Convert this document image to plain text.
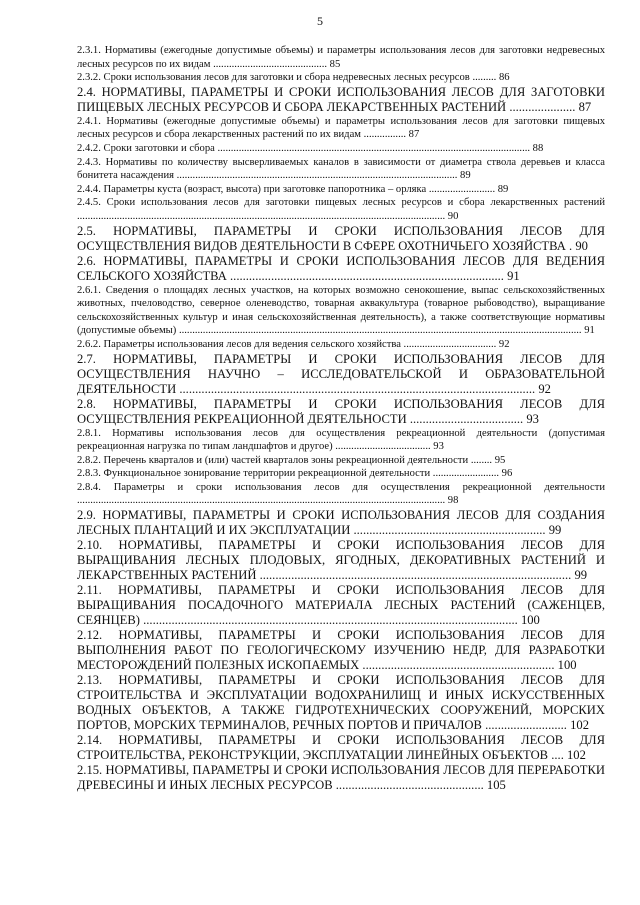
5
2.3.1. Нормативы (ежегодные допустимые объемы) и параметры использования лесов для заготовки недревесных лесных ресурсов по их видам ........................................... 85
2.3.2. Сроки использования лесов для заготовки и сбора недревесных лесных ресурсов ......... 86
2.4. НОРМАТИВЫ, ПАРАМЕТРЫ И СРОКИ ИСПОЛЬЗОВАНИЯ ЛЕСОВ ДЛЯ ЗАГОТОВКИ ПИЩЕВЫХ ЛЕСНЫХ РЕСУРСОВ И СБОРА ЛЕКАРСТВЕННЫХ РАСТЕНИЙ ..................... 87
2.4.1. Нормативы (ежегодные допустимые объемы) и параметры использования лесов для заготовки пищевых лесных ресурсов и сбора лекарственных растений по их видам ................ 87
2.4.2. Сроки заготовки и сбора ...................................................................................................................... 88
2.4.3. Нормативы по количеству высверливаемых каналов в зависимости от диаметра ствола деревьев и класса бонитета насаждения .......................................................................................................... 89
2.4.4. Параметры куста (возраст, высота) при заготовке папоротника – орляка ......................... 89
2.4.5. Сроки использования лесов для заготовки пищевых лесных ресурсов и сбора лекарственных растений ........................................................................................................................................... 90
2.5. НОРМАТИВЫ, ПАРАМЕТРЫ И СРОКИ ИСПОЛЬЗОВАНИЯ ЛЕСОВ ДЛЯ ОСУЩЕСТВЛЕНИЯ ВИДОВ ДЕЯТЕЛЬНОСТИ В СФЕРЕ ОХОТНИЧЬЕГО ХОЗЯЙСТВА . 90
2.6. НОРМАТИВЫ, ПАРАМЕТРЫ И СРОКИ ИСПОЛЬЗОВАНИЯ ЛЕСОВ ДЛЯ ВЕДЕНИЯ СЕЛЬСКОГО ХОЗЯЙСТВА ....................................................................................... 91
2.6.1. Сведения о площадях лесных участков, на которых возможно сенокошение, выпас сельскохозяйственных животных, пчеловодство, северное оленеводство, товарная аквакультура (товарное рыбоводство), выращивание сельскохозяйственных культур и иная сельскохозяйственная деятельность), а также соответствующие нормативы (допустимые объемы) ........................................................................................................................................................ 91
2.6.2. Параметры использования лесов для ведения сельского хозяйства ................................... 92
2.7. НОРМАТИВЫ, ПАРАМЕТРЫ И СРОКИ ИСПОЛЬЗОВАНИЯ ЛЕСОВ ДЛЯ ОСУЩЕСТВЛЕНИЯ НАУЧНО – ИССЛЕДОВАТЕЛЬСКОЙ И ОБРАЗОВАТЕЛЬНОЙ ДЕЯТЕЛЬНОСТИ ................................................................................................................. 92
2.8. НОРМАТИВЫ, ПАРАМЕТРЫ И СРОКИ ИСПОЛЬЗОВАНИЯ ЛЕСОВ ДЛЯ ОСУЩЕСТВЛЕНИЯ РЕКРЕАЦИОННОЙ ДЕЯТЕЛЬНОСТИ .................................... 93
2.8.1. Нормативы использования лесов для осуществления рекреационной деятельности (допустимая рекреационная нагрузка по типам ландшафтов и другое) .................................... 93
2.8.2. Перечень кварталов и (или) частей кварталов зоны рекреационной деятельности ........ 95
2.8.3. Функциональное зонирование территории рекреационной деятельности ......................... 96
2.8.4. Параметры и сроки использования лесов для осуществления рекреационной деятельности ........................................................................................................................................... 98
2.9. НОРМАТИВЫ, ПАРАМЕТРЫ И СРОКИ ИСПОЛЬЗОВАНИЯ ЛЕСОВ ДЛЯ СОЗДАНИЯ ЛЕСНЫХ ПЛАНТАЦИЙ И ИХ ЭКСПЛУАТАЦИИ ............................................................. 99
2.10. НОРМАТИВЫ, ПАРАМЕТРЫ И СРОКИ ИСПОЛЬЗОВАНИЯ ЛЕСОВ ДЛЯ ВЫРАЩИВАНИЯ ЛЕСНЫХ ПЛОДОВЫХ, ЯГОДНЫХ, ДЕКОРАТИВНЫХ РАСТЕНИЙ И ЛЕКАРСТВЕННЫХ РАСТЕНИЙ ................................................................................................... 99
2.11. НОРМАТИВЫ, ПАРАМЕТРЫ И СРОКИ ИСПОЛЬЗОВАНИЯ ЛЕСОВ ДЛЯ ВЫРАЩИВАНИЯ ПОСАДОЧНОГО МАТЕРИАЛА ЛЕСНЫХ РАСТЕНИЙ (САЖЕНЦЕВ, СЕЯНЦЕВ) ....................................................................................................................... 100
2.12. НОРМАТИВЫ, ПАРАМЕТРЫ И СРОКИ ИСПОЛЬЗОВАНИЯ ЛЕСОВ ДЛЯ ВЫПОЛНЕНИЯ РАБОТ ПО ГЕОЛОГИЧЕСКОМУ ИЗУЧЕНИЮ НЕДР, ДЛЯ РАЗРАБОТКИ МЕСТОРОЖДЕНИЙ ПОЛЕЗНЫХ ИСКОПАЕМЫХ ............................................................. 100
2.13. НОРМАТИВЫ, ПАРАМЕТРЫ И СРОКИ ИСПОЛЬЗОВАНИЯ ЛЕСОВ ДЛЯ СТРОИТЕЛЬСТВА И ЭКСПЛУАТАЦИИ ВОДОХРАНИЛИЩ И ИНЫХ ИСКУССТВЕННЫХ ВОДНЫХ ОБЪЕКТОВ, А ТАКЖЕ ГИДРОТЕХНИЧЕСКИХ СООРУЖЕНИЙ, МОРСКИХ ПОРТОВ, МОРСКИХ ТЕРМИНАЛОВ, РЕЧНЫХ ПОРТОВ И ПРИЧАЛОВ .......................... 102
2.14. НОРМАТИВЫ, ПАРАМЕТРЫ И СРОКИ ИСПОЛЬЗОВАНИЯ ЛЕСОВ ДЛЯ СТРОИТЕЛЬСТВА, РЕКОНСТРУКЦИИ, ЭКСПЛУАТАЦИИ ЛИНЕЙНЫХ ОБЪЕКТОВ .... 102
2.15. НОРМАТИВЫ, ПАРАМЕТРЫ И СРОКИ ИСПОЛЬЗОВАНИЯ ЛЕСОВ ДЛЯ ПЕРЕРАБОТКИ ДРЕВЕСИНЫ И ИНЫХ ЛЕСНЫХ РЕСУРСОВ ............................................... 105
